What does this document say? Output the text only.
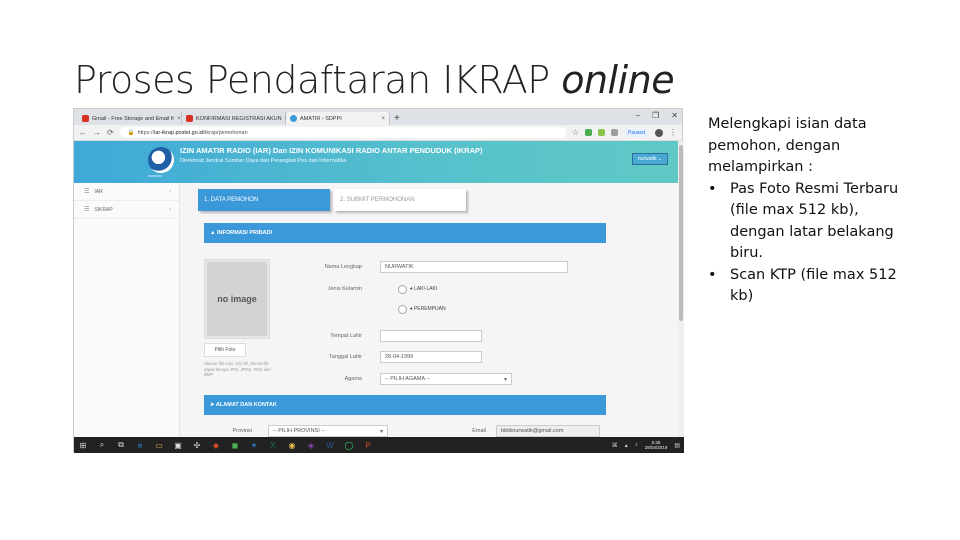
Proses Pendaftaran IKRAP online
Gmail - Free Storage and Email fr ×	KONFIRMASI REGISTRASI AKUN	AMATIR - SDPPI	× +	– ❐ ✕
← → ⟳	🔒 https:// iar-ikrap.postel.go.id /ikrap/pemohonan	☆	Paused	⋮
KOMINFO
IZIN AMATIR RADIO (IAR) Dan IZIN KOMUNIKASI RADIO ANTAR PENDUDUK (IKRAP)
Direktorat Jendral Sumber Daya dan Perangkat Pos dan Informatika	nurwatik ⌄
☰ IAR	›
☰ SIKRAP	›
1. DATA PEMOHON	2. SUBMIT PERMOHONAN
▲ INFORMASI PRIBADI
no image
Pilih Foto
Ukuran file max. 512 kb, format file dapat berupa JPG, JPEG, PNG dan BMP
Nama Lengkap	NURWATIK
Jenis Kelamin	♦ LAKI-LAKI
♦ PEREMPUAN
Tempat Lahir
Tanggal Lahir	28-04-1999
Agama	-- PILIH AGAMA --
▾
➤ ALAMAT DAN KONTAK
Provinsi	-- PILIH PROVINSI --
▾	Email	bibiknurwatik@gmail.com
⊞	⌕	⧉	e	▭ ▣ ✣ ◆ ◼ ✶ X ◉ ◈ W ◯ P	⌘ ▴ ♪	5:35
28/04/2019 ▤
Melengkapi isian data pemohon, dengan melampirkan :
• Pas Foto Resmi Terbaru (file max 512 kb), dengan latar belakang biru.
• Scan KTP (file max 512 kb)
